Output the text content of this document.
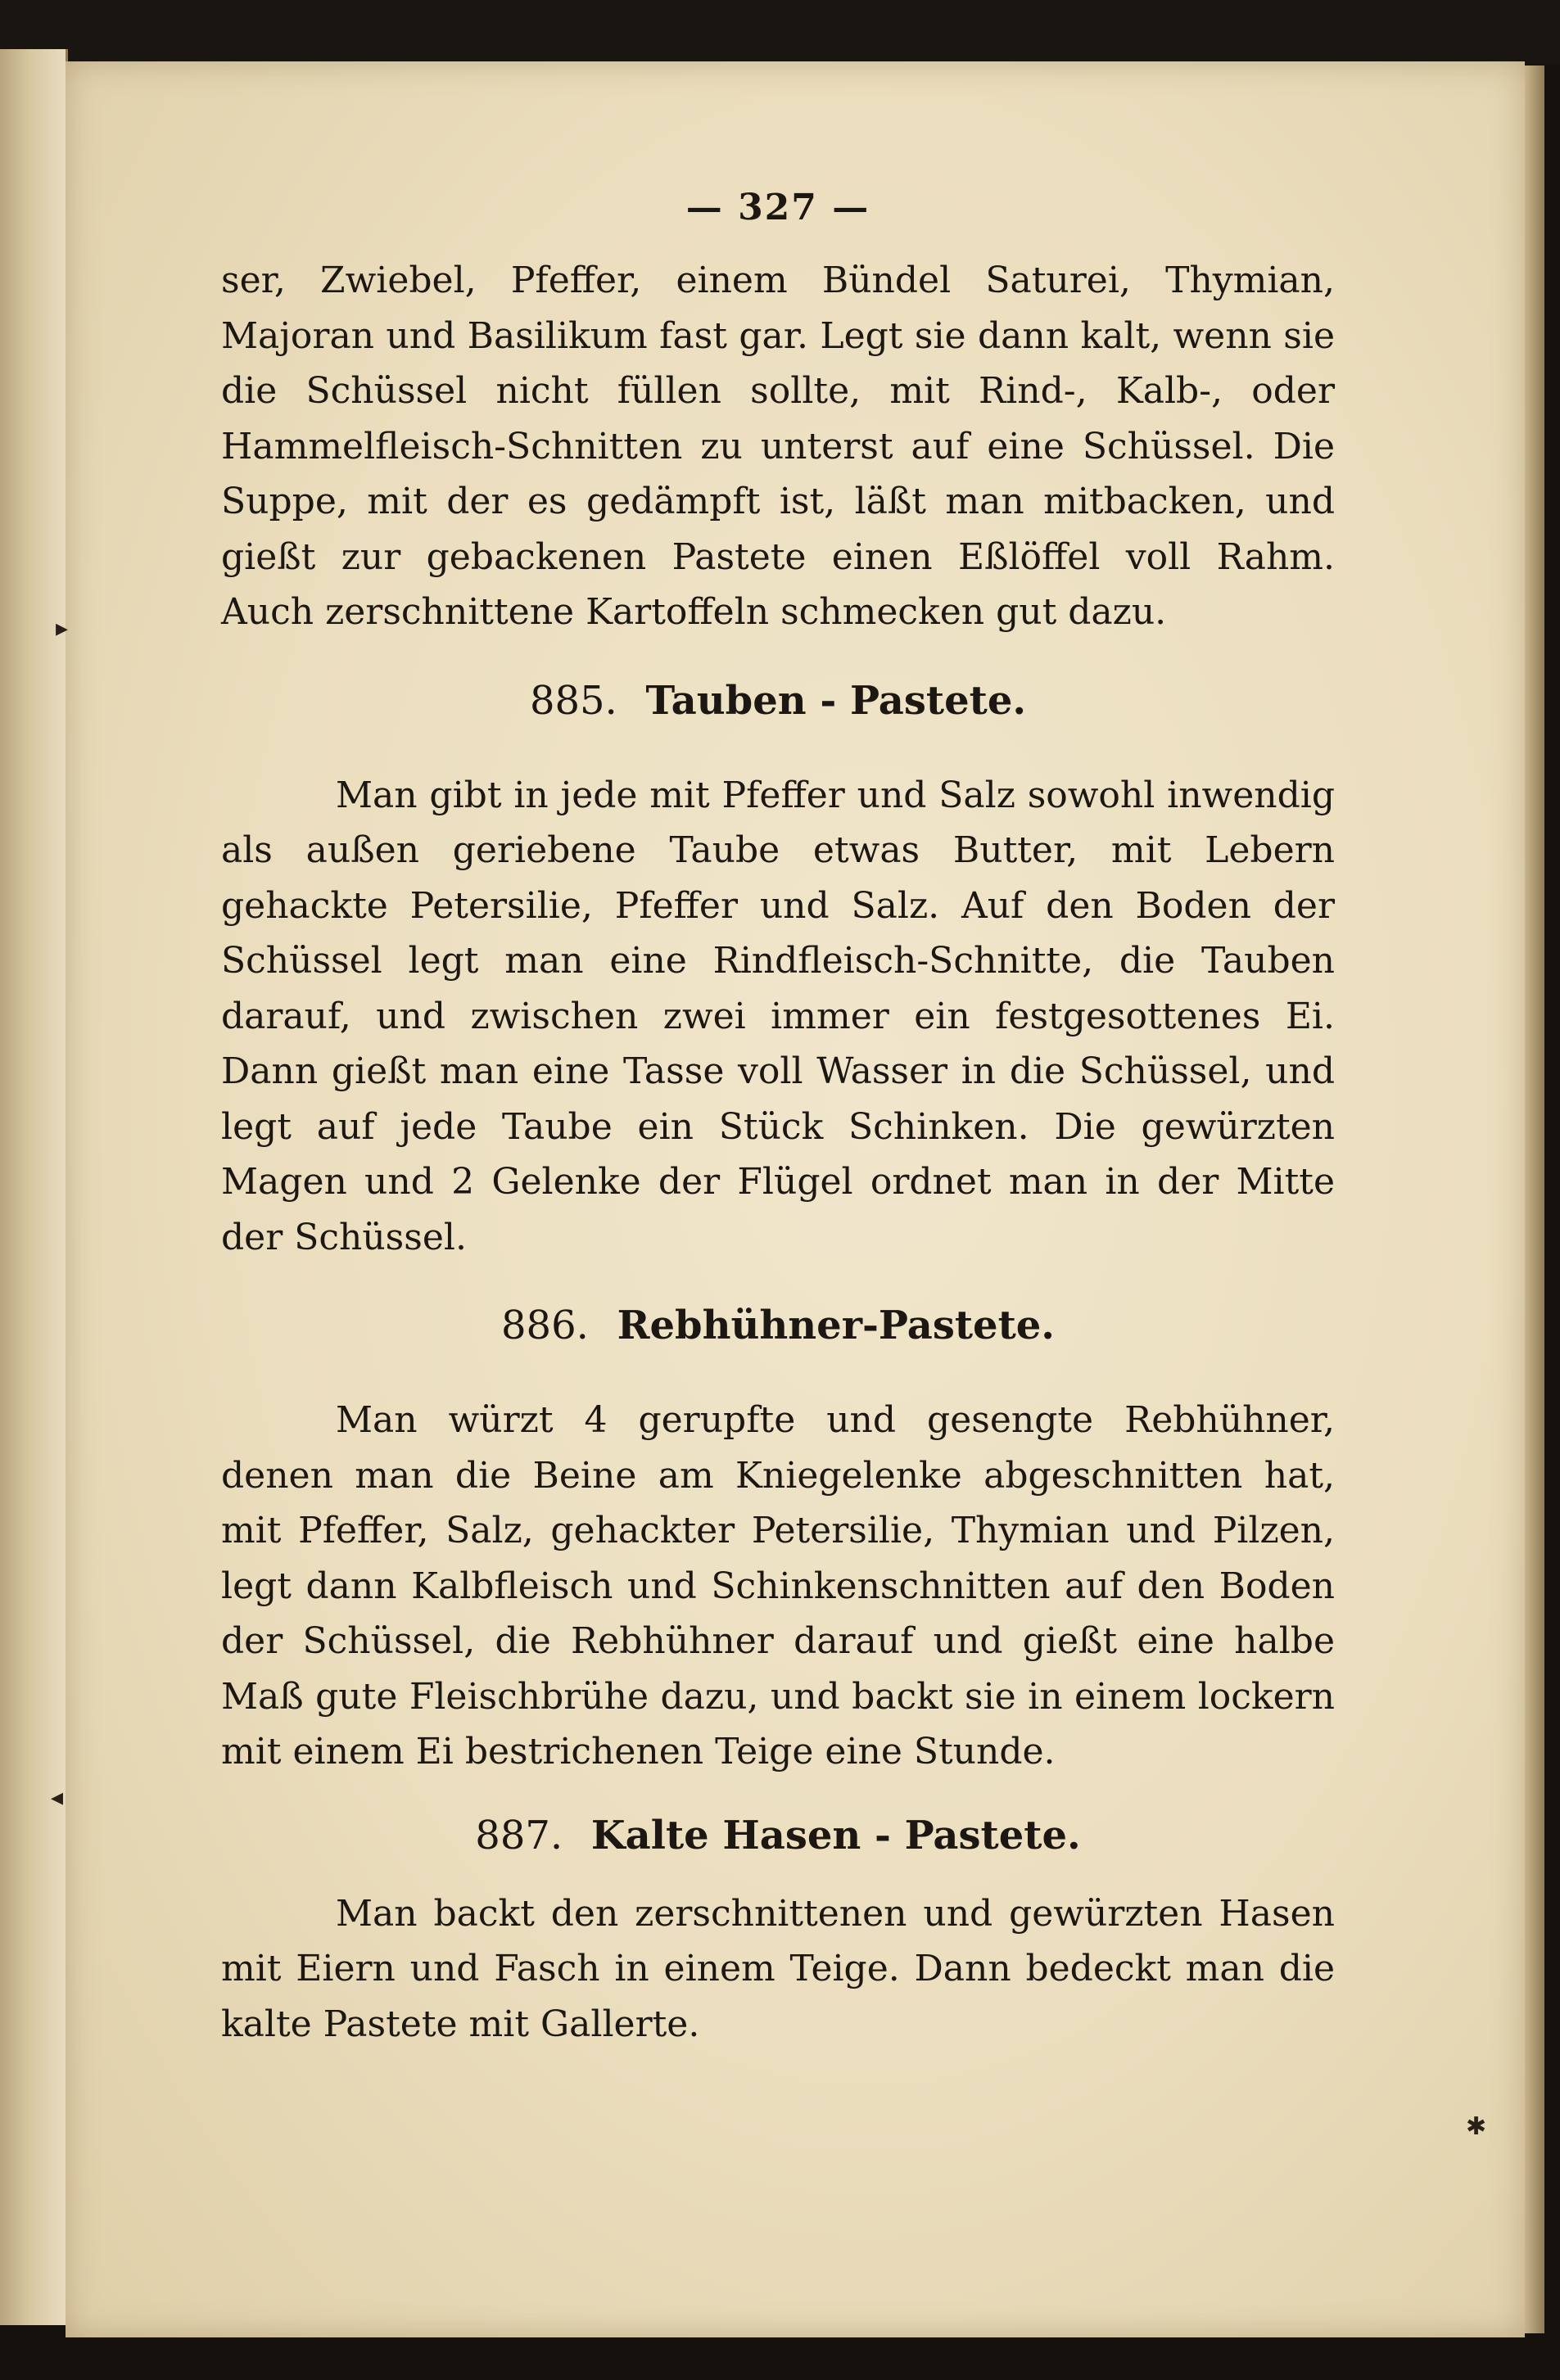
▸
◂
✱
— 327 —

ser, Zwiebel, Pfeffer, einem Bündel Saturei, Thymian, Majoran und Basilikum fast gar. Legt sie dann kalt, wenn sie die Schüssel nicht füllen sollte, mit Rind-, Kalb-, oder Hammelfleisch-Schnitten zu unterst auf eine Schüssel. Die Suppe, mit der es gedämpft ist, läßt man mitbacken, und gießt zur gebackenen Pastete einen Eßlöffel voll Rahm. Auch zerschnittene Kartoffeln schmecken gut dazu.

885. Tauben - Pastete.

Man gibt in jede mit Pfeffer und Salz sowohl inwendig als außen geriebene Taube etwas Butter, mit Lebern gehackte Petersilie, Pfeffer und Salz. Auf den Boden der Schüssel legt man eine Rindfleisch-Schnitte, die Tauben darauf, und zwischen zwei immer ein festgesottenes Ei. Dann gießt man eine Tasse voll Wasser in die Schüssel, und legt auf jede Taube ein Stück Schinken. Die gewürzten Magen und 2 Gelenke der Flügel ordnet man in der Mitte der Schüssel.

886. Rebhühner-Pastete.

Man würzt 4 gerupfte und gesengte Rebhühner, denen man die Beine am Kniegelenke abgeschnitten hat, mit Pfeffer, Salz, gehackter Petersilie, Thymian und Pilzen, legt dann Kalbfleisch und Schinkenschnitten auf den Boden der Schüssel, die Rebhühner darauf und gießt eine halbe Maß gute Fleischbrühe dazu, und backt sie in einem lockern mit einem Ei bestrichenen Teige eine Stunde.

887. Kalte Hasen - Pastete.

Man backt den zerschnittenen und gewürzten Hasen mit Eiern und Fasch in einem Teige. Dann bedeckt man die kalte Pastete mit Gallerte.
